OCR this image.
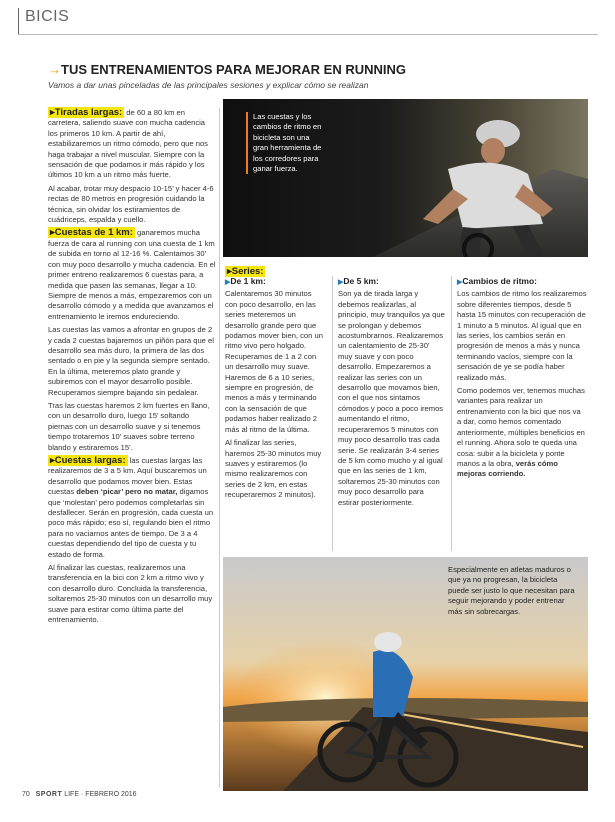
BICIS
→TUS ENTRENAMIENTOS PARA MEJORAR EN RUNNING
Vamos a dar unas pinceladas de las principales sesiones y explicar cómo se realizan

▸Tiradas largas: de 60 a 80 km en carretera, saliendo suave con mucha cadencia los primeros 10 km. A partir de ahí, estabilizaremos un ritmo cómodo, pero que nos haga trabajar a nivel muscular. Siempre con la sensación de que podamos ir más rápido y los últimos 10 km a un ritmo más fuerte.

Al acabar, trotar muy despacio 10-15’ y hacer 4-6 rectas de 80 metros en progresión cuidando la técnica, sin olvidar los estiramientos de cuádriceps, espalda y cuello.

▸Cuestas de 1 km: ganaremos mucha fuerza de cara al running con una cuesta de 1 km de subida en torno al 12-16 %. Calentamos 30’ con muy poco desarrollo y mucha cadencia. En el primer entreno realizaremos 6 cuestas para, a medida que pasen las semanas, llegar a 10. Siempre de menos a más, empezaremos con un desarrollo cómodo y a medida que avanzamos el entrenamiento le iremos endureciendo.

Las cuestas las vamos a afrontar en grupos de 2 y cada 2 cuestas bajaremos un piñón para que el desarrollo sea más duro, la primera de las dos sentado o en pie y la segunda siempre sentado. En la última, meteremos plato grande y subiremos con el mayor desarrollo posible. Recuperamos siempre bajando sin pedalear.

Tras las cuestas haremos 2 km fuertes en llano, con un desarrollo duro, luego 15’ soltando piernas con un desarrollo suave y si tenemos tiempo trotaremos 10’ suaves sobre terreno blando y estiraremos 15’.

▸Cuestas largas: las cuestas largas las realizaremos de 3 a 5 km. Aquí buscaremos un desarrollo que podamos mover bien. Estas cuestas deben ‘picar’ pero no matar, digamos que ‘molestan’ pero podemos completarlas sin desfallecer. Serán en progresión, cada cuesta un poco más rápido; eso sí, regulando bien el ritmo para no vaciarnos antes de tiempo. De 3 a 4 cuestas dependiendo del tipo de cuesta y tu estado de forma.

Al finalizar las cuestas, realizaremos una transferencia en la bici con 2 km a ritmo vivo y con desarrollo duro. Concluida la transferencia, soltaremos 25-30 minutos con un desarrollo muy suave para estirar como última parte del entrenamiento.

Las cuestas y los cambios de ritmo en bicicleta son una gran herramienta de los corredores para ganar fuerza.
▸Series:
▶De 1 km:

Calentaremos 30 minutos con poco desarrollo, en las series meteremos un desarrollo grande pero que podamos mover bien, con un ritmo vivo pero holgado. Recuperamos de 1 a 2 con un desarrollo muy suave. Haremos de 6 a 10 series, siempre en progresión, de menos a más y terminando con la sensación de que podamos haber realizado 2 más al ritmo de la última.

Al finalizar las series, haremos 25-30 minutos muy suaves y estiraremos (lo mismo realizaremos con series de 2 km, en estas recuperaremos 2 minutos).

▶De 5 km:

Son ya de tirada larga y debemos realizarlas, al principio, muy tranquilos ya que se prolongan y debemos acostumbrarnos. Realizaremos un calentamiento de 25-30’ muy suave y con poco desarrollo. Empezaremos a realizar las series con un desarrollo que movamos bien, con el que nos sintamos cómodos y poco a poco iremos aumentando el ritmo, recuperaremos 5 minutos con muy poco desarrollo tras cada serie. Se realizarán 3-4 series de 5 km como mucho y al igual que en las series de 1 km, soltaremos 25-30 minutos con muy poco desarrollo para estirar posteriormente.

▶Cambios de ritmo:

Los cambios de ritmo los realizaremos sobre diferentes tiempos, desde 5 hasta 15 minutos con recuperación de 1 minuto a 5 minutos. Al igual que en las series, los cambios serán en progresión de menos a más y nunca terminando vacíos, siempre con la sensación de ye se podía haber realizado más.

Como podemos ver, tenemos muchas variantes para realizar un entrenamiento con la bici que nos va a dar, como hemos comentado anteriormente, múltiples beneficios en el running. Ahora solo te queda una cosa: subir a la bicicleta y ponte manos a la obra, verás cómo mejoras corriendo.

Especialmente en atletas maduros o que ya no progresan, la bicicleta puede ser justo lo que necesitan para seguir mejorando y poder entrenar más sin sobrecargas.
70 SPORT LIFE · FEBRERO 2016
